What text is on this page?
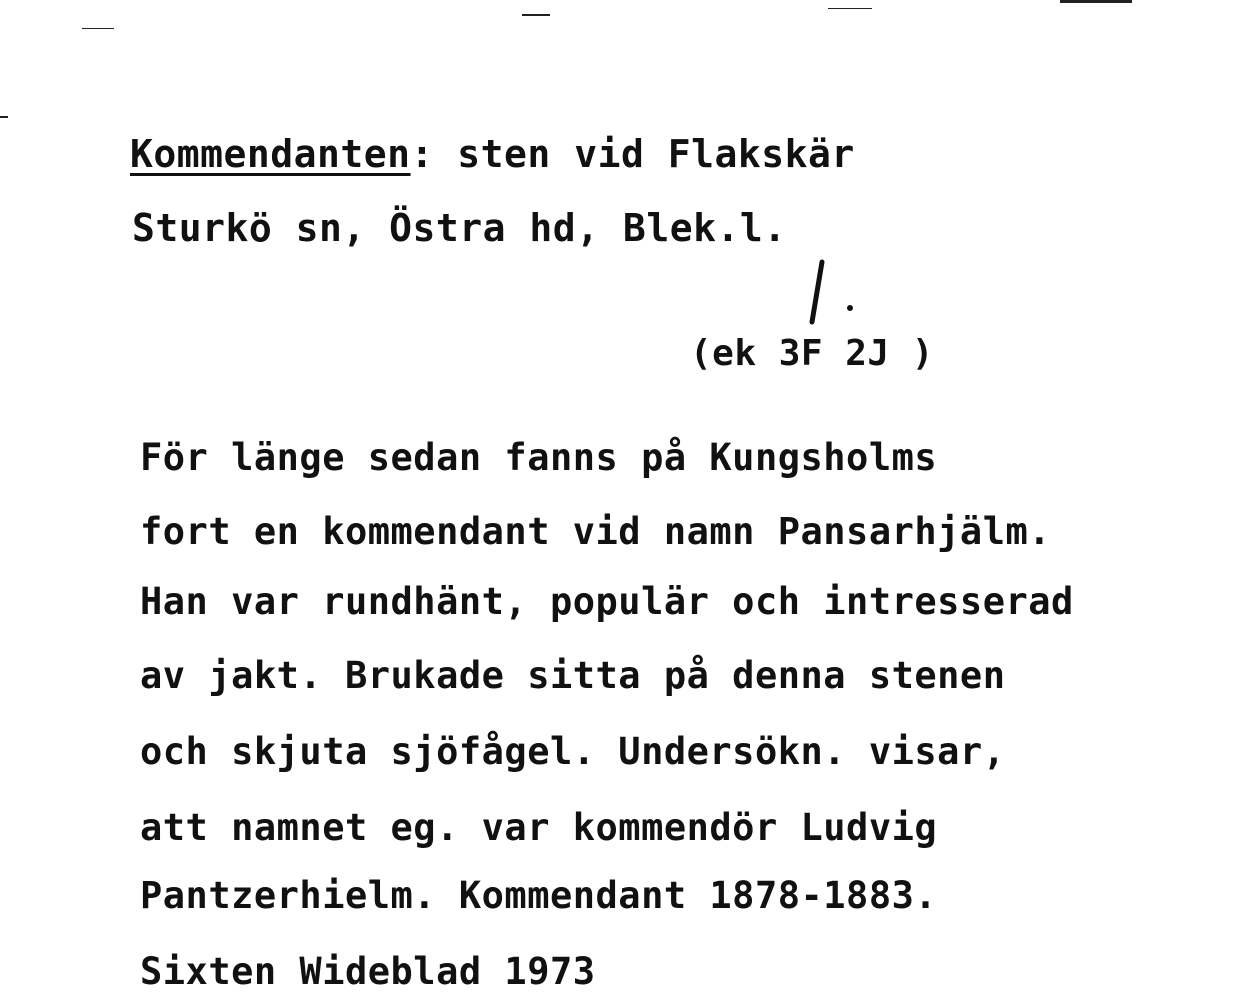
Kommendanten: sten vid Flakskär
Sturkö sn, Östra hd, Blek.l.
(ek 3F 2J )
För länge sedan fanns på Kungsholms
fort en kommendant vid namn Pansarhjälm.
Han var rundhänt, populär och intresserad
av jakt. Brukade sitta på denna stenen
och skjuta sjöfågel. Undersökn. visar,
att namnet eg. var kommendör Ludvig
Pantzerhielm. Kommendant 1878-1883.
Sixten Wideblad 1973
